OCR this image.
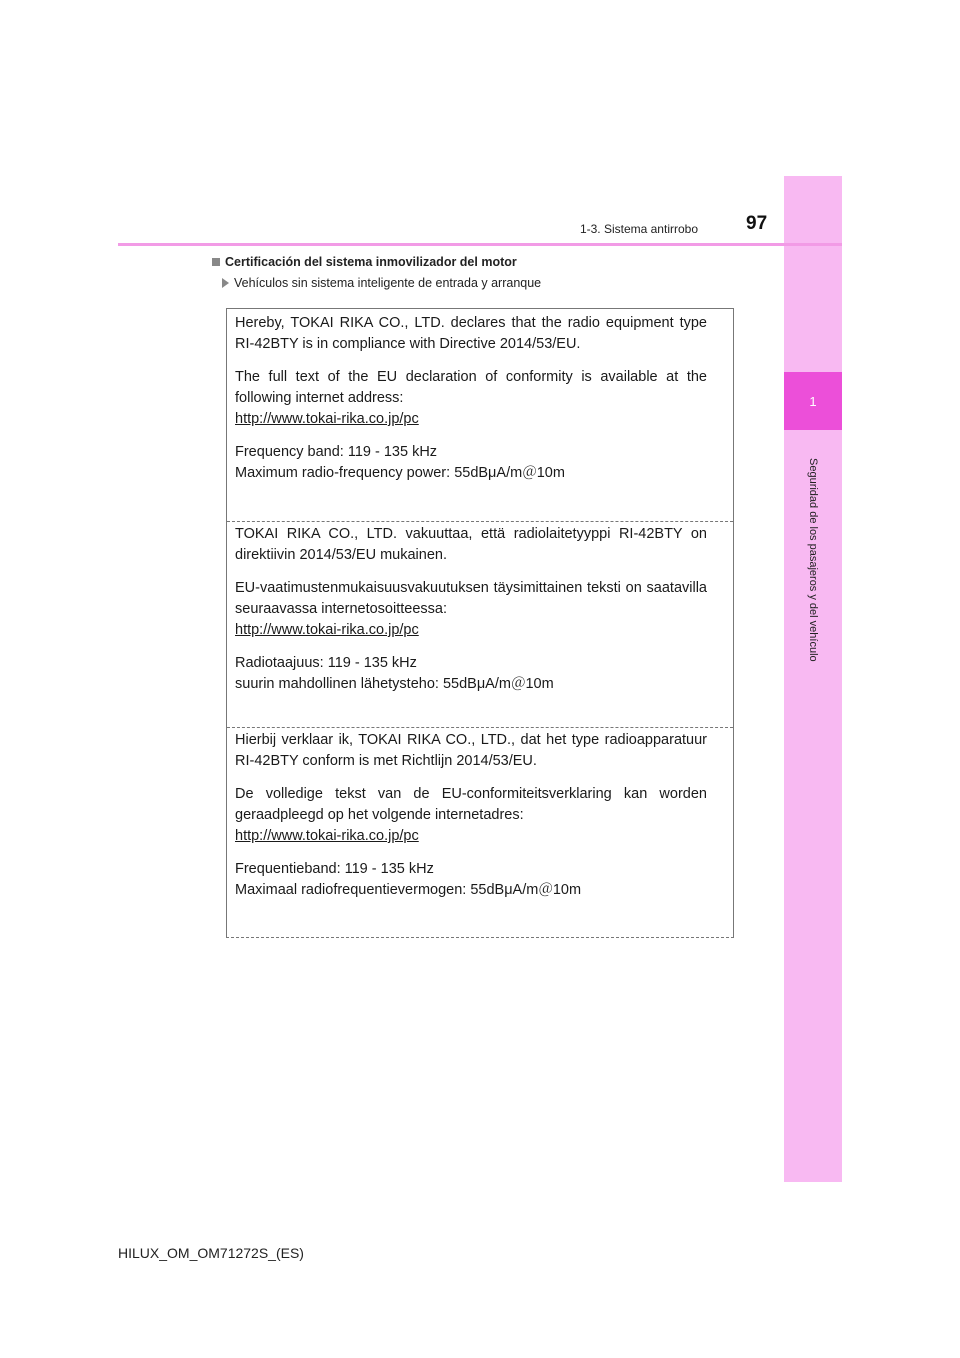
1
Seguridad de los pasajeros y del vehículo
1-3. Sistema antirrobo	97
Certificación del sistema inmovilizador del motor
Vehículos sin sistema inteligente de entrada y arranque

Hereby, TOKAI RIKA CO., LTD. declares that the radio equipment type RI-42BTY is in compliance with Directive 2014/53/EU.

The full text of the EU declaration of conformity is available at the following internet address:

http://www.tokai-rika.co.jp/pc

Frequency band: 119 - 135 kHz

Maximum radio-frequency power: 55dBμA/m＠10m

TOKAI RIKA CO., LTD. vakuuttaa, että radiolaitetyyppi RI-42BTY on direktiivin 2014/53/EU mukainen.

EU-vaatimustenmukaisuusvakuutuksen täysimittainen teksti on saatavilla seuraavassa internetosoitteessa:

http://www.tokai-rika.co.jp/pc

Radiotaajuus: 119 - 135 kHz

suurin mahdollinen lähetysteho: 55dBμA/m＠10m

Hierbij verklaar ik, TOKAI RIKA CO., LTD., dat het type radioapparatuur RI-42BTY conform is met Richtlijn 2014/53/EU.

De volledige tekst van de EU-conformiteitsverklaring kan worden geraadpleegd op het volgende internetadres:

http://www.tokai-rika.co.jp/pc

Frequentieband: 119 - 135 kHz

Maximaal radiofrequentievermogen: 55dBμA/m＠10m

HILUX_OM_OM71272S_(ES)
